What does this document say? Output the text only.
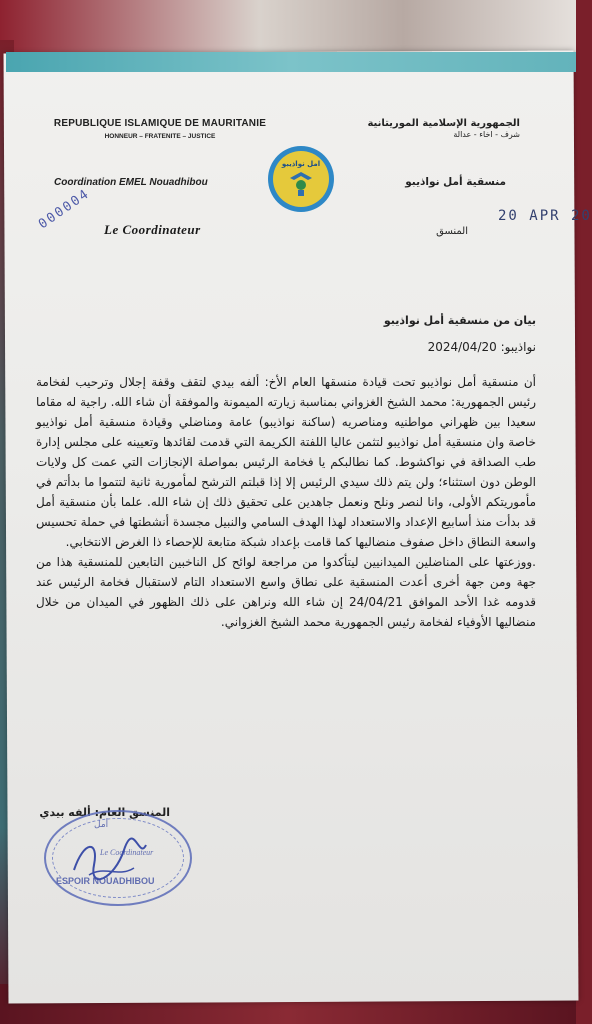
REPUBLIQUE ISLAMIQUE DE MAURITANIE
HONNEUR – FRATENITE – JUSTICE
الجمهورية الإسلامية الموريتانية
شرف - اخاء - عدالة
امل نواذيبو
Coordination EMEL Nouadhibou	منسقية أمل نواذيبو
20 APR 20
المنسق
Le Coordinateur
000004
بيان من منسقية أمل نواذيبو
نواذيبو: 2024/04/20

أن منسقية أمل نواذيبو تحت قيادة منسقها العام الأخ: ألفه بيدي لتقف وقفة إجلال وترحيب لفخامة رئيس الجمهورية: محمد الشيخ الغزواني بمناسبة زيارته الميمونة والموفقة أن شاء الله. راجية له مقاما سعيدا بين ظهراني مواطنيه ومناصريه (ساكنة نواذيبو) عامة ومناضلي وقيادة منسقية أمل نواذيبو خاصة وان منسقية أمل نواذيبو لتثمن عاليا اللفتة الكريمة التي قدمت لقائدها وتعيينه على مجلس إدارة طب الصداقة في نواكشوط. كما نطالبكم يا فخامة الرئيس بمواصلة الإنجازات التي عمت كل ولايات الوطن دون استثناء؛ ولن يتم ذلك سيدي الرئيس إلا إذا قبلتم الترشح لمأمورية ثانية لتتموا ما بدأتم في مأموريتكم الأولى، وانا لنصر ونلح ونعمل جاهدين على تحقيق ذلك إن شاء الله. علما بأن منسقية أمل قد بدأت منذ أسابيع الإعداد والاستعداد لهذا الهدف السامي والنبيل مجسدة أنشطتها في حملة تحسيس واسعة النطاق داخل صفوف منضاليها كما قامت بإعداد شبكة متابعة للإحصاء ذا الغرض الانتخابي.

.ووزعتها على المناضلين الميدانيين ليتأكدوا من مراجعة لوائح كل الناخبين التابعين للمنسقية هذا من جهة ومن جهة أخرى أعدت المنسقية على نطاق واسع الاستعداد التام لاستقبال فخامة الرئيس عند قدومه غدا الأحد الموافق 24/04/21 إن شاء الله ونراهن على ذلك الظهور في الميدان من خلال منضاليها الأوفياء لفخامة رئيس الجمهورية محمد الشيخ الغزواني.

المنسق العام: ألفه بيدي
أمل
Le Coordinateur
ESPOIR NOUADHIBOU
